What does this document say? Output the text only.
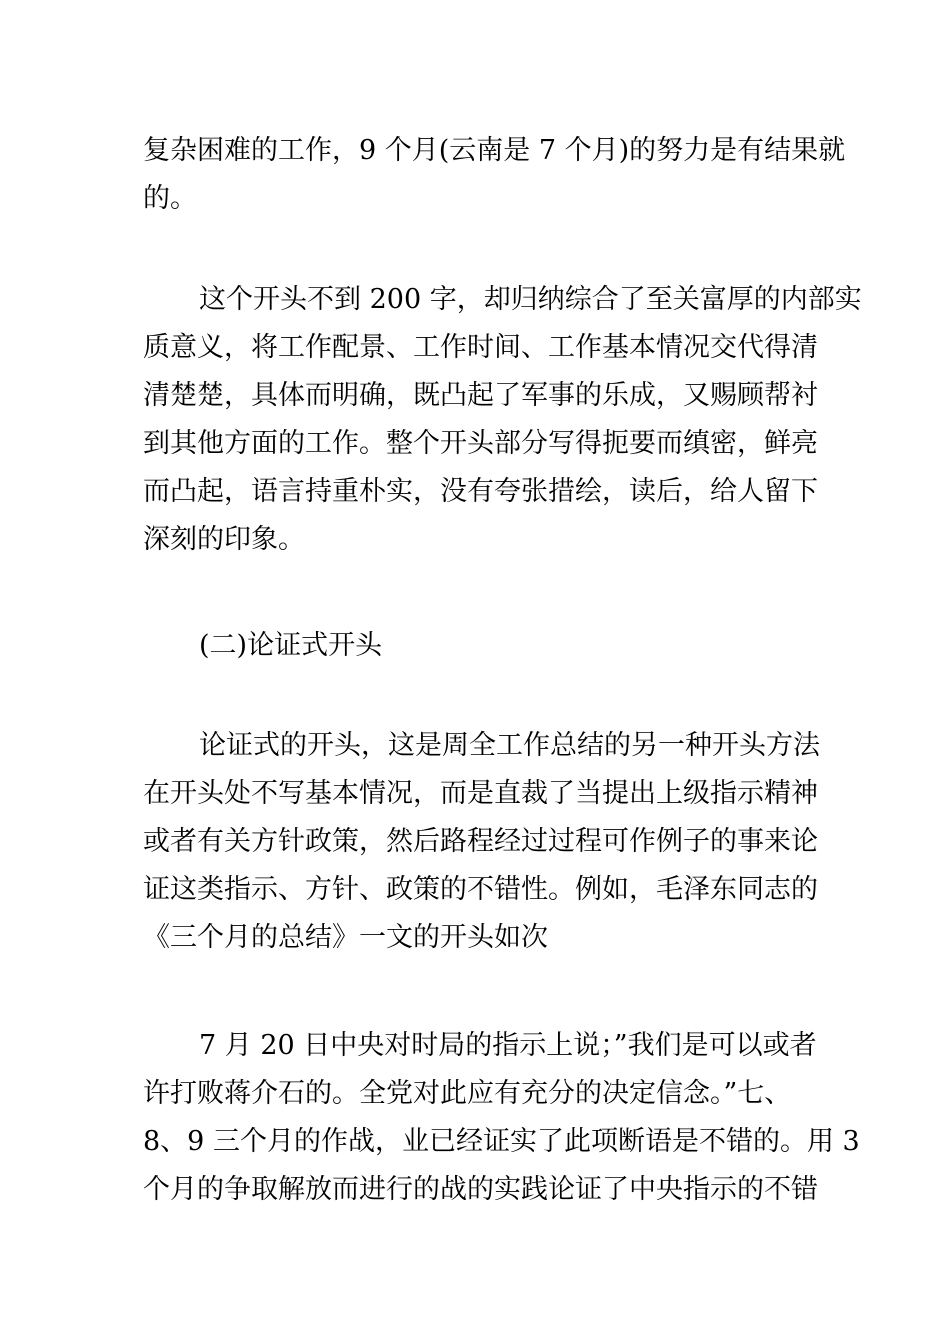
复杂困难的工作，9 个月(云南是 7 个月)的努力是有结果就
的。
这个开头不到 200 字，却归纳综合了至关富厚的内部实
质意义，将工作配景、工作时间、工作基本情况交代得清
清楚楚，具体而明确，既凸起了军事的乐成，又赐顾帮衬
到其他方面的工作。整个开头部分写得扼要而缜密，鲜亮
而凸起，语言持重朴实，没有夸张措绘，读后，给人留下
深刻的印象。
(二)论证式开头
论证式的开头，这是周全工作总结的另一种开头方法
在开头处不写基本情况，而是直裁了当提出上级指示精神
或者有关方针政策，然后路程经过过程可作例子的事来论
证这类指示、方针、政策的不错性。例如，毛泽东同志的
《三个月的总结》一文的开头如次
7 月 20 日中央对时局的指示上说；”我们是可以或者
许打败蒋介石的。全党对此应有充分的决定信念。”七、
8、9 三个月的作战，业已经证实了此项断语是不错的。用 3
个月的争取解放而进行的战的实践论证了中央指示的不错
